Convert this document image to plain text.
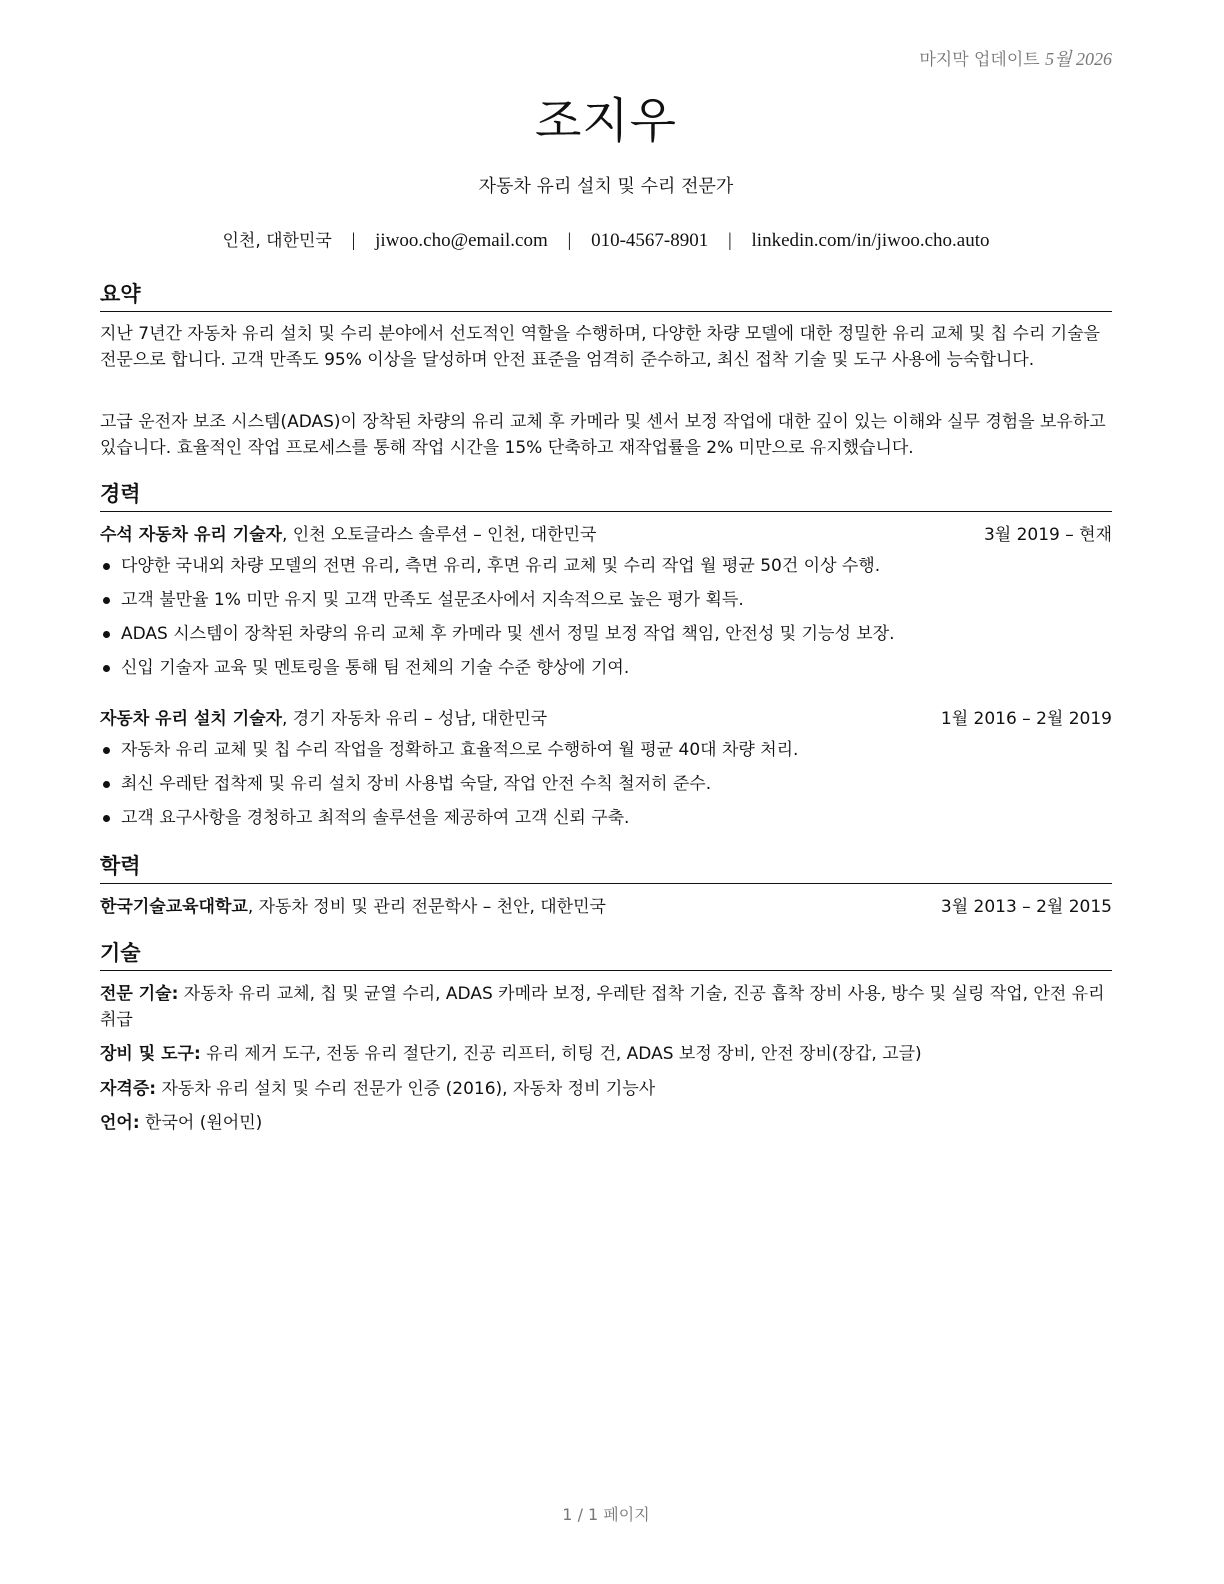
마지막 업데이트 5월 2026
조지우
자동차 유리 설치 및 수리 전문가
인천, 대한민국 | jiwoo.cho@email.com | 010-4567-8901 | linkedin.com/in/jiwoo.cho.auto
요약

지난 7년간 자동차 유리 설치 및 수리 분야에서 선도적인 역할을 수행하며, 다양한 차량 모델에 대한 정밀한 유리 교체 및 칩 수리 기술을 전문으로 합니다. 고객 만족도 95% 이상을 달성하며 안전 표준을 엄격히 준수하고, 최신 접착 기술 및 도구 사용에 능숙합니다.

고급 운전자 보조 시스템(ADAS)이 장착된 차량의 유리 교체 후 카메라 및 센서 보정 작업에 대한 깊이 있는 이해와 실무 경험을 보유하고 있습니다. 효율적인 작업 프로세스를 통해 작업 시간을 15% 단축하고 재작업률을 2% 미만으로 유지했습니다.

경력
수석 자동차 유리 기술자, 인천 오토글라스 솔루션 – 인천, 대한민국	3월 2019 – 현재
다양한 국내외 차량 모델의 전면 유리, 측면 유리, 후면 유리 교체 및 수리 작업 월 평균 50건 이상 수행.
고객 불만율 1% 미만 유지 및 고객 만족도 설문조사에서 지속적으로 높은 평가 획득.
ADAS 시스템이 장착된 차량의 유리 교체 후 카메라 및 센서 정밀 보정 작업 책임, 안전성 및 기능성 보장.
신입 기술자 교육 및 멘토링을 통해 팀 전체의 기술 수준 향상에 기여.
자동차 유리 설치 기술자, 경기 자동차 유리 – 성남, 대한민국	1월 2016 – 2월 2019
자동차 유리 교체 및 칩 수리 작업을 정확하고 효율적으로 수행하여 월 평균 40대 차량 처리.
최신 우레탄 접착제 및 유리 설치 장비 사용법 숙달, 작업 안전 수칙 철저히 준수.
고객 요구사항을 경청하고 최적의 솔루션을 제공하여 고객 신뢰 구축.
학력
한국기술교육대학교, 자동차 정비 및 관리 전문학사 – 천안, 대한민국	3월 2013 – 2월 2015
기술

전문 기술: 자동차 유리 교체, 칩 및 균열 수리, ADAS 카메라 보정, 우레탄 접착 기술, 진공 흡착 장비 사용, 방수 및 실링 작업, 안전 유리 취급

장비 및 도구: 유리 제거 도구, 전동 유리 절단기, 진공 리프터, 히팅 건, ADAS 보정 장비, 안전 장비(장갑, 고글)

자격증: 자동차 유리 설치 및 수리 전문가 인증 (2016), 자동차 정비 기능사

언어: 한국어 (원어민)

1 / 1 페이지
